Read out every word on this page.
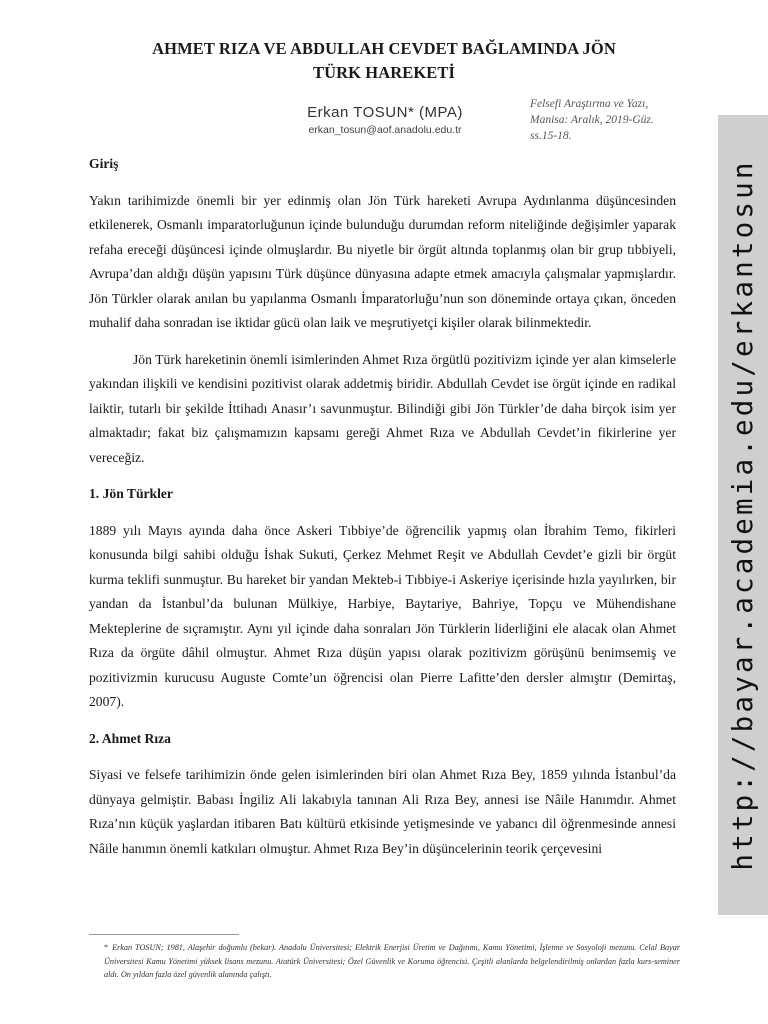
AHMET RIZA VE ABDULLAH CEVDET BAĞLAMINDA JÖN
TÜRK HAREKETİ
Erkan TOSUN* (MPA)
erkan_tosun@aof.anadolu.edu.tr
Felsefi Araştırma ve Yazı,
Manisa: Aralık, 2019-Güz.
ss.15-18.
http://bayar.academia.edu/erkantosun
Giriş

Yakın tarihimizde önemli bir yer edinmiş olan Jön Türk hareketi Avrupa Aydınlanma düşüncesinden etkilenerek, Osmanlı imparatorluğunun içinde bulunduğu durumdan reform niteliğinde değişimler yaparak refaha ereceği düşüncesi içinde olmuşlardır. Bu niyetle bir örgüt altında toplanmış olan bir grup tıbbiyeli, Avrupa’dan aldığı düşün yapısını Türk düşünce dünyasına adapte etmek amacıyla çalışmalar yapmışlardır. Jön Türkler olarak anılan bu yapılanma Osmanlı İmparatorluğu’nun son döneminde ortaya çıkan, önceden muhalif daha sonradan ise iktidar gücü olan laik ve meşrutiyetçi kişiler olarak bilinmektedir.

Jön Türk hareketinin önemli isimlerinden Ahmet Rıza örgütlü pozitivizm içinde yer alan kimselerle yakından ilişkili ve kendisini pozitivist olarak addetmiş biridir. Abdullah Cevdet ise örgüt içinde en radikal laiktir, tutarlı bir şekilde İttihadı Anasır’ı savunmuştur. Bilindiği gibi Jön Türkler’de daha birçok isim yer almaktadır; fakat biz çalışmamızın kapsamı gereği Ahmet Rıza ve Abdullah Cevdet’in fikirlerine yer vereceğiz.

1. Jön Türkler

1889 yılı Mayıs ayında daha önce Askeri Tıbbiye’de öğrencilik yapmış olan İbrahim Temo, fikirleri konusunda bilgi sahibi olduğu İshak Sukuti, Çerkez Mehmet Reşit ve Abdullah Cevdet’e gizli bir örgüt kurma teklifi sunmuştur. Bu hareket bir yandan Mekteb-i Tıbbiye-i Askeriye içerisinde hızla yayılırken, bir yandan da İstanbul’da bulunan Mülkiye, Harbiye, Baytariye, Bahriye, Topçu ve Mühendishane Mekteplerine de sıçramıştır. Aynı yıl içinde daha sonraları Jön Türklerin liderliğini ele alacak olan Ahmet Rıza da örgüte dâhil olmuştur. Ahmet Rıza düşün yapısı olarak pozitivizm görüşünü benimsemiş ve pozitivizmin kurucusu Auguste Comte’un öğrencisi olan Pierre Lafitte’den dersler almıştır (Demirtaş, 2007).

2. Ahmet Rıza

Siyasi ve felsefe tarihimizin önde gelen isimlerinden biri olan Ahmet Rıza Bey, 1859 yılında İstanbul’da dünyaya gelmiştir. Babası İngiliz Ali lakabıyla tanınan Ali Rıza Bey, annesi ise Nâile Hanımdır. Ahmet Rıza’nın küçük yaşlardan itibaren Batı kültürü etkisinde yetişmesinde ve yabancı dil öğrenmesinde annesi Nâile hanımın önemli katkıları olmuştur. Ahmet Rıza Bey’in düşüncelerinin teorik çerçevesini

* Erkan TOSUN; 1981, Alaşehir doğumlu (bekar). Anadolu Üniversitesi; Elektrik Enerjisi Üretim ve Dağıtımı, Kamu Yönetimi, İşletme ve Sosyoloji mezunu. Celal Bayar Üniversitesi Kamu Yönetimi yüksek lisans mezunu. Atatürk Üniversitesi; Özel Güvenlik ve Koruma öğrencisi. Çeşitli alanlarda belgelendirilmiş onlardan fazla kurs-seminer aldı. On yıldan fazla özel güvenlik alanında çalıştı.
